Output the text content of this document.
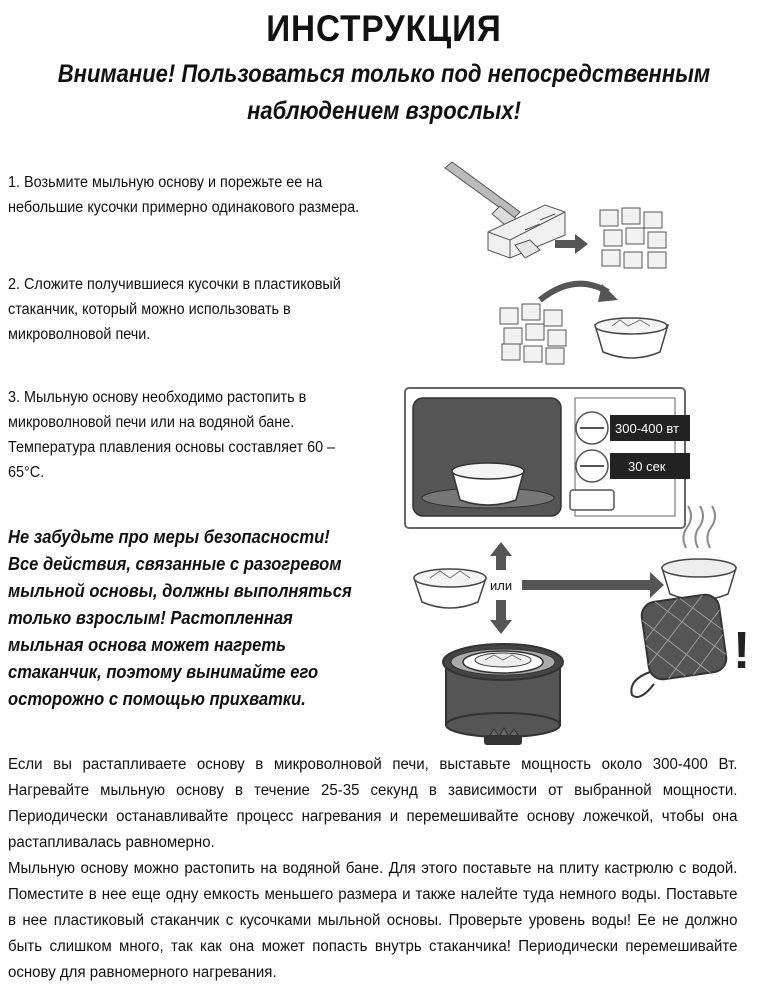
ИНСТРУКЦИЯ
Внимание! Пользоваться только под непосредственным
наблюдением взрослых!
1. Возьмите мыльную основу и порежьте ее на небольшие кусочки примерно одинакового размера.
2. Сложите получившиеся кусочки в пластиковый стаканчик, который можно использовать в микроволновой печи.
3. Мыльную основу необходимо растопить в микроволновой печи или на водяной бане. Температура плавления основы составляет 60 – 65°С.
Не забудьте про меры безопасности! Все действия, связанные с разогревом мыльной основы, должны выполняться только взрослым! Растопленная мыльная основа может нагреть стаканчик, поэтому вынимайте его осторожно с помощью прихватки.
300-400 вт
30 сек
или
!
Если вы растапливаете основу в микроволновой печи, выставьте мощность около 300-400 Вт. Нагревайте мыльную основу в течение 25-35 секунд в зависимости от выбранной мощности. Периодически останавливайте процесс нагревания и перемешивайте основу ложечкой, чтобы она растапливалась равномерно.
Мыльную основу можно растопить на водяной бане. Для этого поставьте на плиту кастрюлю с водой. Поместите в нее еще одну емкость меньшего размера и также налейте туда немного воды. Поставьте в нее пластиковый стаканчик с кусочками мыльной основы. Проверьте уровень воды! Ее не должно быть слишком много, так как она может попасть внутрь стаканчика! Периодически перемешивайте основу для равномерного нагревания.
